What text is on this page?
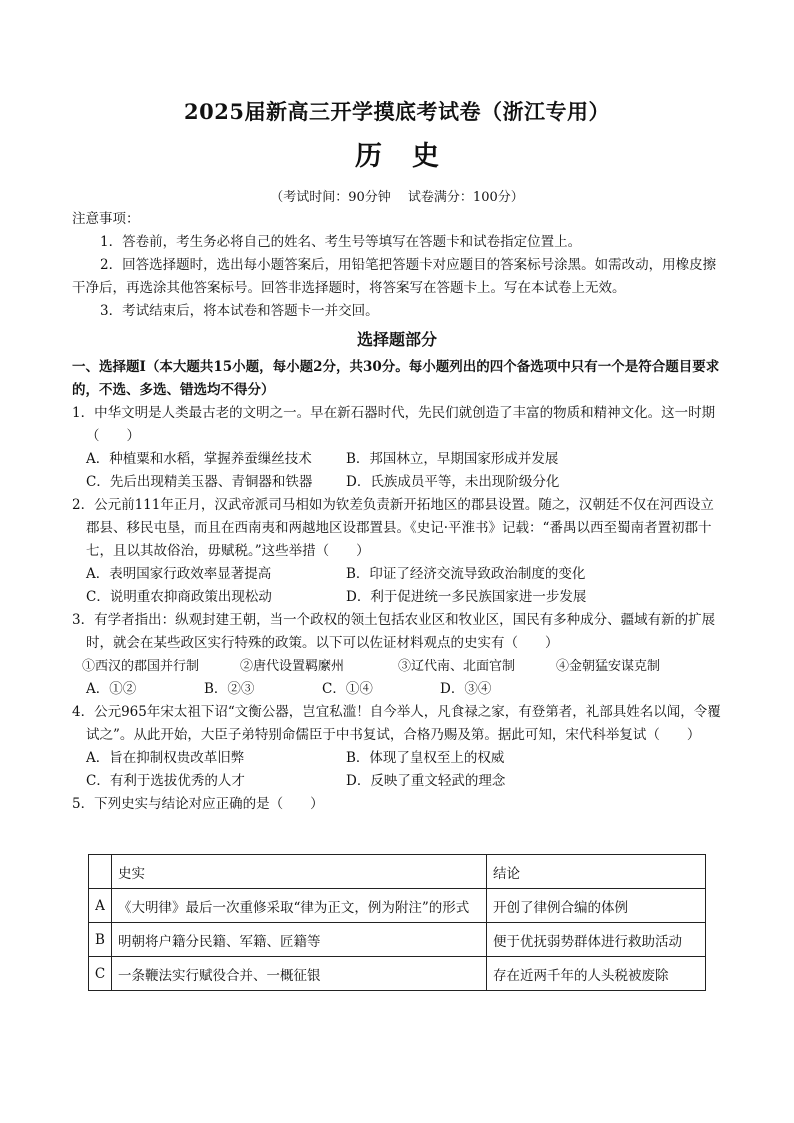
2025届新高三开学摸底考试卷（浙江专用）
历史
（考试时间：90分钟　 试卷满分：100分）
注意事项：
1．答卷前，考生务必将自己的姓名、考生号等填写在答题卡和试卷指定位置上。
2．回答选择题时，选出每小题答案后，用铅笔把答题卡对应题目的答案标号涂黑。如需改动，用橡皮擦干净后，再选涂其他答案标号。回答非选择题时，将答案写在答题卡上。写在本试卷上无效。
3．考试结束后，将本试卷和答题卡一并交回。
选择题部分
一、选择题Ⅰ（本大题共15小题，每小题2分，共30分。每小题列出的四个备选项中只有一个是符合题目要求的，不选、多选、错选均不得分）
1．中华文明是人类最古老的文明之一。早在新石器时代，先民们就创造了丰富的物质和精神文化。这一时期（　　）
A．种植粟和水稻，掌握养蚕缫丝技术	B．邦国林立，早期国家形成并发展
C．先后出现精美玉器、青铜器和铁器	D．氏族成员平等，未出现阶级分化
2．公元前111年正月，汉武帝派司马相如为钦差负责新开拓地区的郡县设置。随之，汉朝廷不仅在河西设立郡县、移民屯垦，而且在西南夷和两越地区设郡置县。《史记·平淮书》记载：“番禺以西至蜀南者置初郡十七，且以其故俗治，毋赋税。”这些举措（　　）
A．表明国家行政效率显著提高	B．印证了经济交流导致政治制度的变化
C．说明重农抑商政策出现松动	D．利于促进统一多民族国家进一步发展
3．有学者指出：纵观封建王朝，当一个政权的领土包括农业区和牧业区，国民有多种成分、疆域有新的扩展时，就会在某些政区实行特殊的政策。以下可以佐证材料观点的史实有（　　）
①西汉的郡国并行制	②唐代设置羁縻州	③辽代南、北面官制	④金朝猛安谋克制
A．①②	B．②③	C．①④	D．③④
4．公元965年宋太祖下诏“文衡公器，岂宜私滥！自今举人，凡食禄之家，有登第者，礼部具姓名以闻，令覆试之”。从此开始，大臣子弟特别命儒臣于中书复试，合格乃赐及第。据此可知，宋代科举复试（　　）
A．旨在抑制权贵改革旧弊	B．体现了皇权至上的权威
C．有利于选拔优秀的人才	D．反映了重文轻武的理念
5．下列史实与结论对应正确的是（　　）
	史实	结论
A	《大明律》最后一次重修采取“律为正文，例为附注”的形式	开创了律例合编的体例
B	明朝将户籍分民籍、军籍、匠籍等	便于优抚弱势群体进行救助活动
C	一条鞭法实行赋役合并、一概征银	存在近两千年的人头税被废除
